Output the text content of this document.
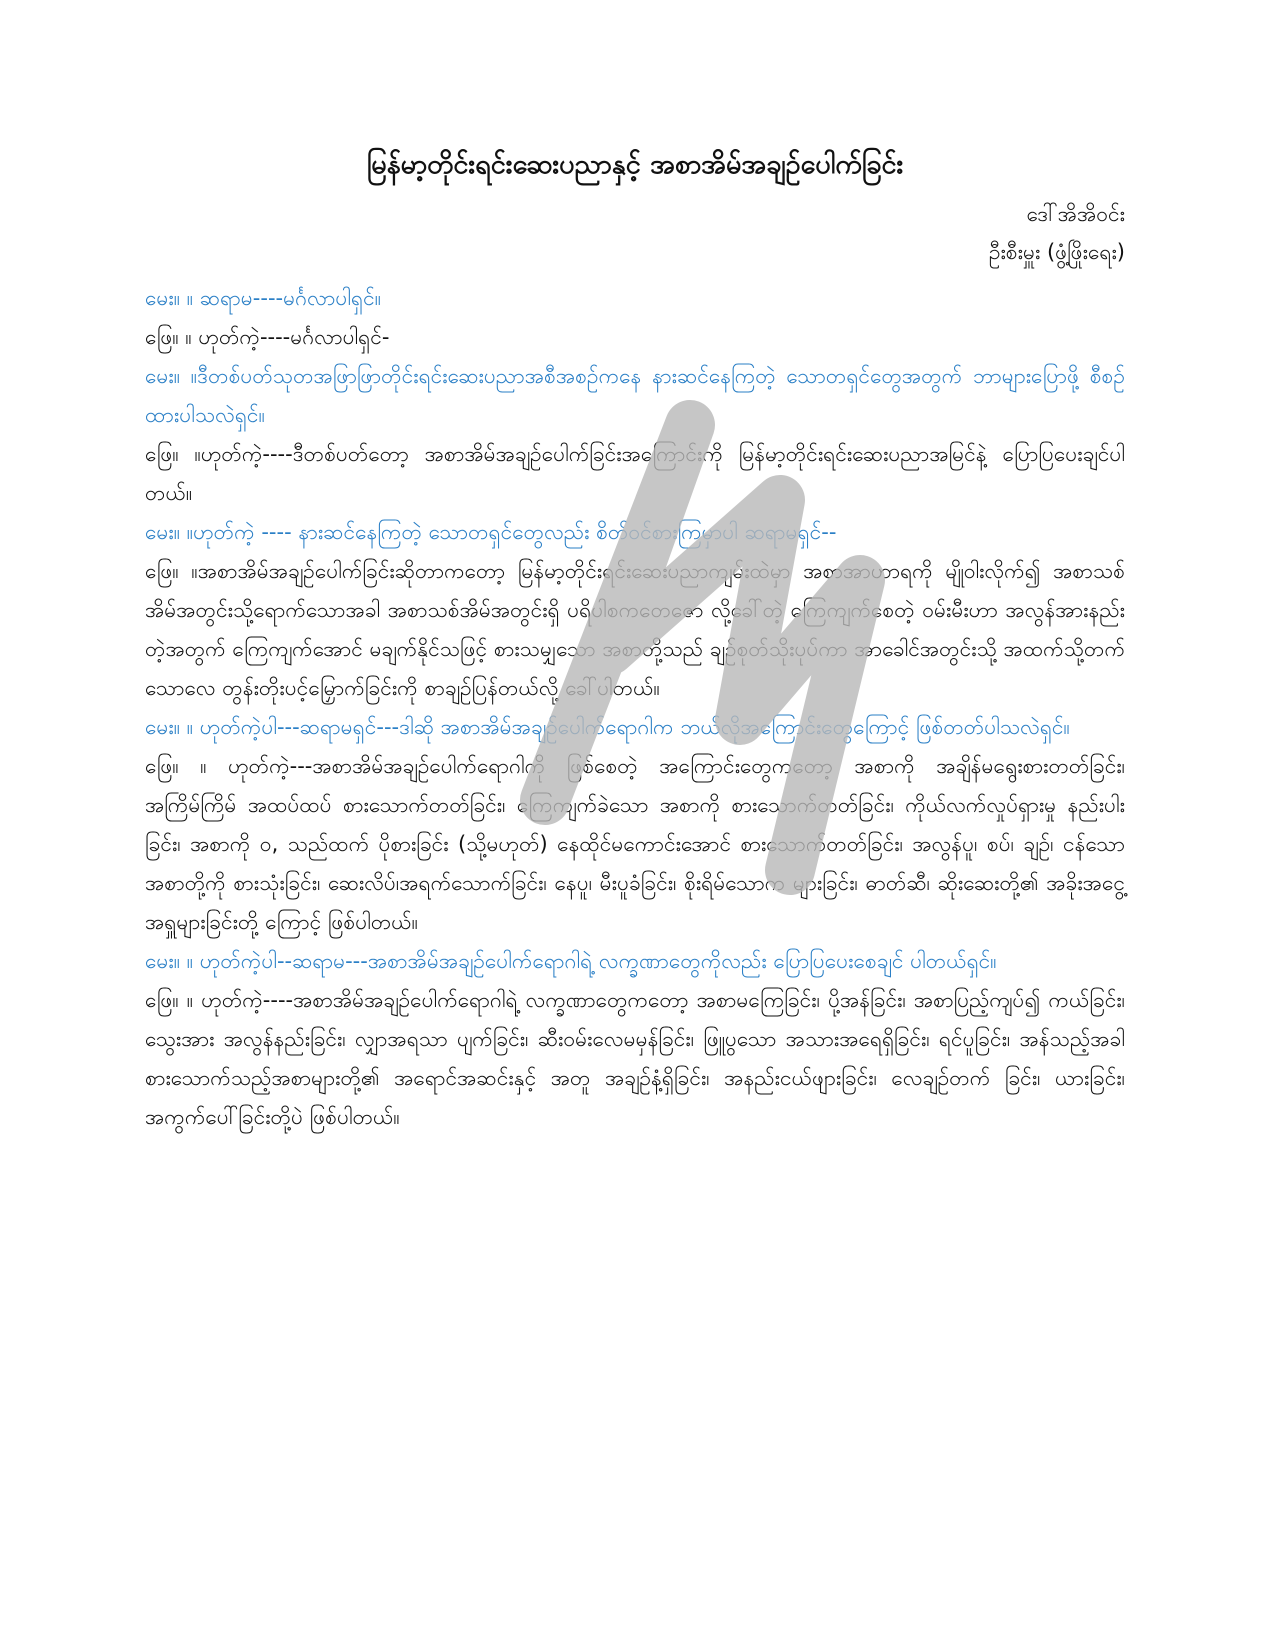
မြန်မာ့တိုင်းရင်းဆေးပညာနှင့် အစာအိမ်အချဉ်ပေါက်ခြင်း
ဒေါ်အိအိဝင်း
ဦးစီးမှူး (ဖွံ့ဖြိုးရေး)

မေး။ ။ ဆရာမ----မင်္ဂလာပါရှင်။

ဖြေ။ ။ ဟုတ်ကဲ့----မင်္ဂလာပါရှင်-

မေး။ ။ဒီတစ်ပတ်သုတအဖြာဖြာတိုင်းရင်းဆေးပညာအစီအစဉ်ကနေ နားဆင်နေကြတဲ့ သောတရှင်တွေအတွက် ဘာများပြောဖို့ စီစဉ်ထားပါသလဲရှင်။

ဖြေ။ ။ဟုတ်ကဲ့----ဒီတစ်ပတ်တော့ အစာအိမ်အချဉ်ပေါက်ခြင်းအကြောင်းကို မြန်မာ့တိုင်းရင်းဆေးပညာအမြင်နဲ့ ပြောပြပေးချင်ပါတယ်။

မေး။ ။ဟုတ်ကဲ့ ---- နားဆင်နေကြတဲ့ သောတရှင်တွေလည်း စိတ်ဝင်စားကြမှာပါ ဆရာမရှင်--

ဖြေ။ ။အစာအိမ်အချဉ်ပေါက်ခြင်းဆိုတာကတော့ မြန်မာ့တိုင်းရင်းဆေးပညာကျမ်းထဲမှာ အစာအာဟာရကို မျိုဝါးလိုက်၍ အစာသစ်အိမ်အတွင်းသို့ရောက်သောအခါ အစာသစ်အိမ်အတွင်းရှိ ပရိပါစကတေဇော လို့ခေါ်တဲ့ ကြေကျက်စေတဲ့ ဝမ်းမီးဟာ အလွန်အားနည်းတဲ့အတွက် ကြေကျက်အောင် မချက်နိုင်သဖြင့် စားသမျှသော အစာတို့သည် ချဉ်စုတ်သိုးပုပ်ကာ အာခေါင်အတွင်းသို့ အထက်သို့တက်သောလေ တွန်းတိုးပင့်မြှောက်ခြင်းကို စာချဉ်ပြန်တယ်လို့ ခေါ်ပါတယ်။

မေး။ ။ ဟုတ်ကဲ့ပါ---ဆရာမရှင်---ဒါဆို အစာအိမ်အချဉ်ပေါက်ရောဂါက ဘယ်လိုအကြောင်းတွေကြောင့် ဖြစ်တတ်ပါသလဲရှင်။

ဖြေ။ ။ ဟုတ်ကဲ့---အစာအိမ်အချဉ်ပေါက်ရောဂါကို ဖြစ်စေတဲ့ အကြောင်းတွေကတော့ အစာကို အချိန်မရွေးစားတတ်ခြင်း၊ အကြိမ်ကြိမ် အထပ်ထပ် စားသောက်တတ်ခြင်း၊ ကြေကျက်ခဲသော အစာကို စားသောက်တတ်ခြင်း၊ ကိုယ်လက်လှုပ်ရှားမှု နည်းပါးခြင်း၊ အစာကို ဝ, သည်ထက် ပိုစားခြင်း (သို့မဟုတ်) နေထိုင်မကောင်းအောင် စားသောက်တတ်ခြင်း၊ အလွန်ပူ၊ စပ်၊ ချဉ်၊ ငန်သော အစာတို့ကို စားသုံးခြင်း၊ ဆေးလိပ်၊အရက်သောက်ခြင်း၊ နေပူ၊ မီးပူခံခြင်း၊ စိုးရိမ်သောက များခြင်း၊ ဓာတ်ဆီ၊ ဆိုးဆေးတို့၏ အခိုးအငွေ့ အရှူများခြင်းတို့ ကြောင့် ဖြစ်ပါတယ်။

မေး။ ။ ဟုတ်ကဲ့ပါ--ဆရာမ---အစာအိမ်အချဉ်ပေါက်ရောဂါရဲ့ လက္ခဏာတွေကိုလည်း ပြောပြပေးစေချင် ပါတယ်ရှင်။

ဖြေ။ ။ ဟုတ်ကဲ့----အစာအိမ်အချဉ်ပေါက်ရောဂါရဲ့ လက္ခဏာတွေကတော့ အစာမကြေခြင်း၊ ပို့အန်ခြင်း၊ အစာပြည့်ကျပ်၍ ကယ်ခြင်း၊ သွေးအား အလွန်နည်းခြင်း၊ လျှာအရသာ ပျက်ခြင်း၊ ဆီးဝမ်းလေမမှန်ခြင်း၊ ဖြူပွသော အသားအရေရှိခြင်း၊ ရင်ပူခြင်း၊ အန်သည့်အခါ စားသောက်သည့်အစာများတို့၏ အရောင်အဆင်းနှင့် အတူ အချဉ်နံ့ရှိခြင်း၊ အနည်းငယ်ဖျားခြင်း၊ လေချဉ်တက် ခြင်း၊ ယားခြင်း၊ အကွက်ပေါ်ခြင်းတို့ပဲ ဖြစ်ပါတယ်။
